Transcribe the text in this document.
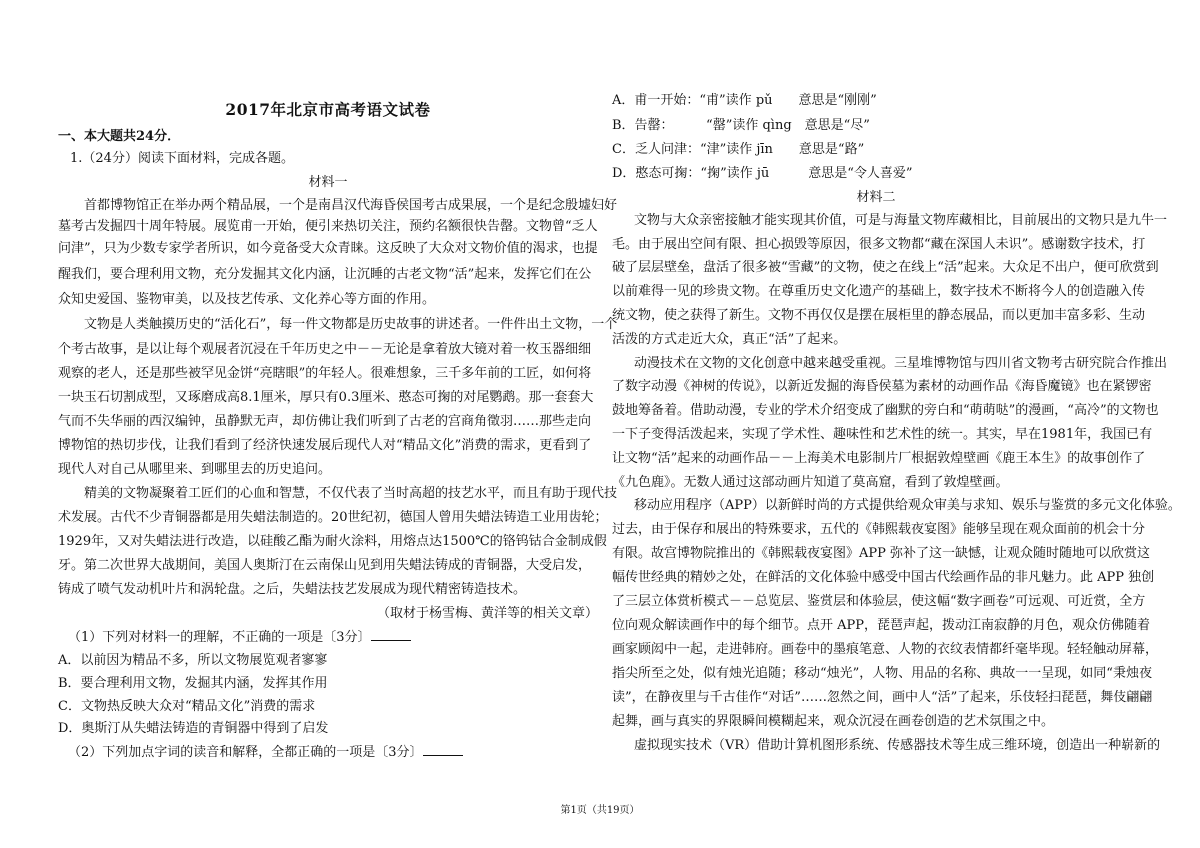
2017年北京市高考语文试卷
一、本大题共24分．
1.（24分）阅读下面材料，完成各题。
材料一
首都博物馆正在举办两个精品展，一个是南昌汉代海昏侯国考古成果展，一个是纪念殷墟妇好
墓考古发掘四十周年特展。展览甫一开始，便引来热切关注，预约名额很快告罄。文物曾“乏人
问津”，只为少数专家学者所识，如今竟备受大众青睐。这反映了大众对文物价值的渴求，也提
醒我们，要合理利用文物，充分发掘其文化内涵，让沉睡的古老文物“活”起来，发挥它们在公
众知史爱国、鉴物审美，以及技艺传承、文化养心等方面的作用。
文物是人类触摸历史的“活化石”，每一件文物都是历史故事的讲述者。一件件出土文物，一个
个考古故事，是以让每个观展者沉浸在千年历史之中－－无论是拿着放大镜对着一枚玉器细细
观察的老人，还是那些被罕见金饼“亮瞎眼”的年轻人。很难想象，三千多年前的工匠，如何将
一块玉石切割成型，又琢磨成高8.1厘米，厚只有0.3厘米、憨态可掬的对尾鹦鹉。那一套套大
气而不失华丽的西汉编钟，虽静默无声，却仿佛让我们听到了古老的宫商角徵羽……那些走向
博物馆的热切步伐，让我们看到了经济快速发展后现代人对“精品文化”消费的需求，更看到了
现代人对自己从哪里来、到哪里去的历史追问。
精美的文物凝聚着工匠们的心血和智慧，不仅代表了当时高超的技艺水平，而且有助于现代技
术发展。古代不少青铜器都是用失蜡法制造的。20世纪初，德国人曾用失蜡法铸造工业用齿轮；
1929年，又对失蜡法进行改造，以硅酸乙酯为耐火涂料，用熔点达1500℃的铬钨钴合金制成假
牙。第二次世界大战期间，美国人奥斯汀在云南保山见到用失蜡法铸成的青铜器，大受启发，
铸成了喷气发动机叶片和涡轮盘。之后，失蜡法技艺发展成为现代精密铸造技术。
（取材于杨雪梅、黄洋等的相关文章）
（1）下列对材料一的理解，不正确的一项是〔3分〕
A．以前因为精品不多，所以文物展览观者寥寥
B．要合理利用文物，发掘其内涵，发挥其作用
C．文物热反映大众对“精品文化”消费的需求
D．奥斯汀从失蜡法铸造的青铜器中得到了启发
（2）下列加点字词的读音和解释，全都正确的一项是〔3分〕
A．甫一开始：“甫”读作 pǔ　　意思是“刚刚”
B．告罄：　　　“罄”读作 qìng　意思是“尽”
C．乏人问津：“津”读作 jīn　　意思是“路”
D．憨态可掬：“掬”读作 jū　　　意思是“令人喜爱”
材料二
文物与大众亲密接触才能实现其价值，可是与海量文物库藏相比，目前展出的文物只是九牛一
毛。由于展出空间有限、担心损毁等原因，很多文物都“藏在深国人未识”。感谢数字技术，打
破了层层壁垒，盘活了很多被“雪藏”的文物，使之在线上“活”起来。大众足不出户，便可欣赏到
以前难得一见的珍贵文物。在尊重历史文化遗产的基础上，数字技术不断将今人的创造融入传
统文物，使之获得了新生。文物不再仅仅是摆在展柜里的静态展品，而以更加丰富多彩、生动
活泼的方式走近大众，真正“活”了起来。
动漫技术在文物的文化创意中越来越受重视。三星堆博物馆与四川省文物考古研究院合作推出
了数字动漫《神树的传说》，以新近发掘的海昏侯墓为素材的动画作品《海昏魔镜》也在紧锣密
鼓地筹备着。借助动漫，专业的学术介绍变成了幽默的旁白和“萌萌哒”的漫画，“高冷”的文物也
一下子变得活泼起来，实现了学术性、趣味性和艺术性的统一。其实，早在1981年，我国已有
让文物“活”起来的动画作品－－上海美术电影制片厂根据敦煌壁画《鹿王本生》的故事创作了
《九色鹿》。无数人通过这部动画片知道了莫高窟，看到了敦煌壁画。
移动应用程序（APP）以新鲜时尚的方式提供给观众审美与求知、娱乐与鉴赏的多元文化体验。
过去，由于保存和展出的特殊要求，五代的《韩熙载夜宴图》能够呈现在观众面前的机会十分
有限。故宫博物院推出的《韩熙载夜宴图》APP 弥补了这一缺憾，让观众随时随地可以欣赏这
幅传世经典的精妙之处，在鲜活的文化体验中感受中国古代绘画作品的非凡魅力。此 APP 独创
了三层立体赏析模式－－总览层、鉴赏层和体验层，使这幅“数字画卷”可远观、可近赏，全方
位向观众解读画作中的每个细节。点开 APP，琵琶声起，拨动江南寂静的月色，观众仿佛随着
画家顾闳中一起，走进韩府。画卷中的墨痕笔意、人物的衣纹表情都纤毫毕现。轻轻触动屏幕，
指尖所至之处，似有烛光追随；移动“烛光”，人物、用品的名称、典故一一呈现，如同“秉烛夜
读”，在静夜里与千古佳作“对话”……忽然之间，画中人“活”了起来，乐伎轻扫琵琶，舞伎翩翩
起舞，画与真实的界限瞬间模糊起来，观众沉浸在画卷创造的艺术氛围之中。
虚拟现实技术（VR）借助计算机图形系统、传感器技术等生成三维环境，创造出一种崭新的
第1页（共19页）
